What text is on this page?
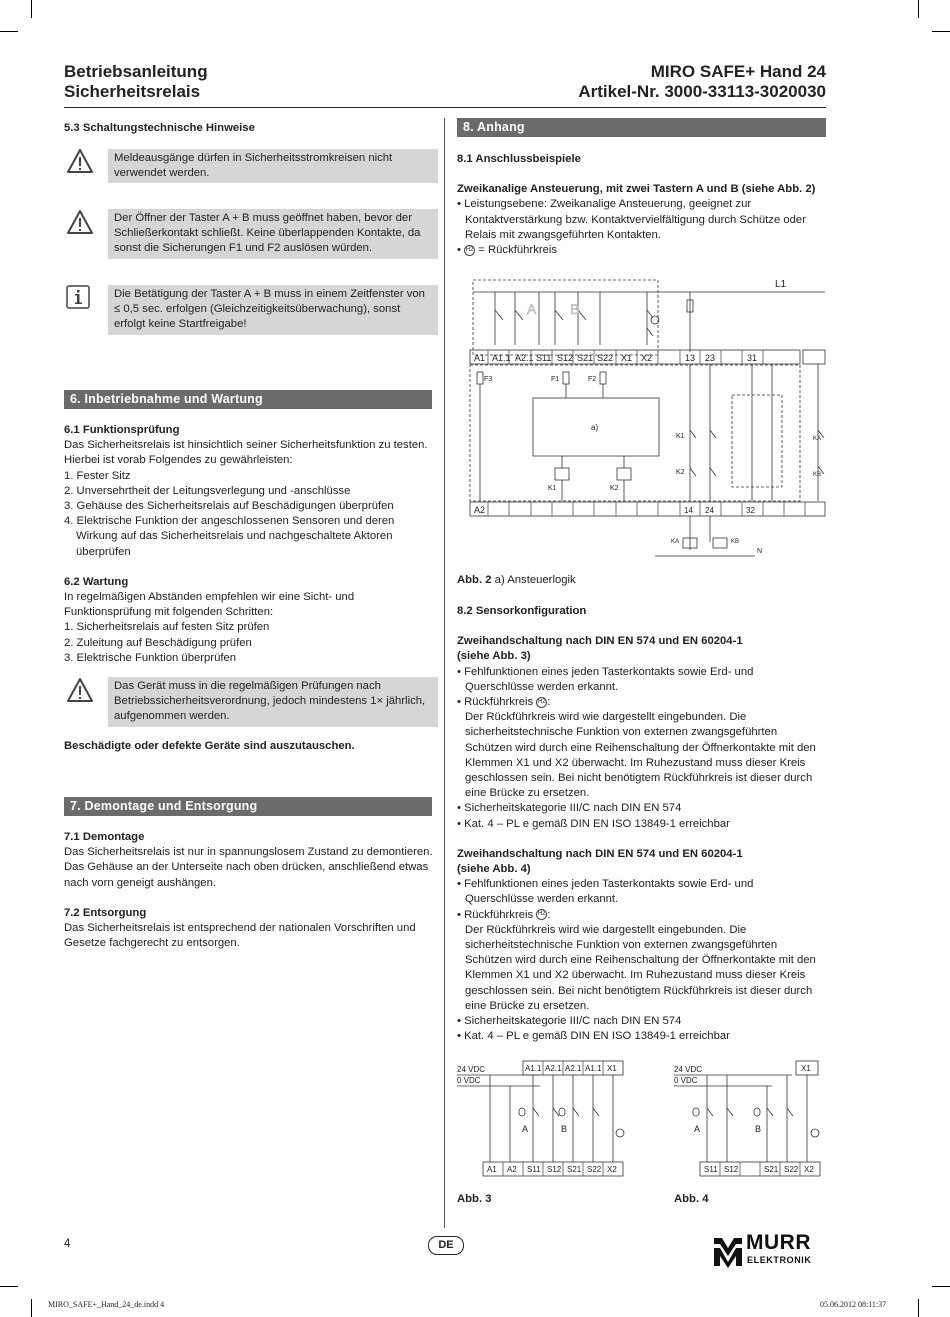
Betriebsanleitung
Sicherheitsrelais
MIRO SAFE+ Hand 24
Artikel-Nr. 3000-33113-3020030
5.3 Schaltungstechnische Hinweise
Meldeausgänge dürfen in Sicherheitsstromkreisen nicht verwendet werden.
Der Öffner der Taster A + B muss geöffnet haben, bevor der Schließerkontakt schließt. Keine überlappenden Kontakte, da sonst die Sicherungen F1 und F2 auslösen würden.
Die Betätigung der Taster A + B muss in einem Zeitfenster von ≤ 0,5 sec. erfolgen (Gleichzeitigkeitsüberwachung), sonst erfolgt keine Startfreigabe!
6. Inbetriebnahme und Wartung

6.1 Funktionsprüfung

Das Sicherheitsrelais ist hinsichtlich seiner Sicherheitsfunktion zu testen. Hierbei ist vorab Folgendes zu gewährleisten:

1. Fester Sitz

2. Unversehrtheit der Leitungsverlegung und -anschlüsse

3. Gehäuse des Sicherheitsrelais auf Beschädigungen überprüfen

4. Elektrische Funktion der angeschlossenen Sensoren und deren Wirkung auf das Sicherheitsrelais und nachgeschaltete Aktoren überprüfen

6.2 Wartung

In regelmäßigen Abständen empfehlen wir eine Sicht- und Funktionsprüfung mit folgenden Schritten:

1. Sicherheitsrelais auf festen Sitz prüfen

2. Zuleitung auf Beschädigung prüfen

3. Elektrische Funktion überprüfen

Das Gerät muss in die regelmäßigen Prüfungen nach Betriebssicherheitsverordnung, jedoch mindestens 1× jährlich, aufgenommen werden.
Beschädigte oder defekte Geräte sind auszutauschen.
7. Demontage und Entsorgung

7.1 Demontage

Das Sicherheitsrelais ist nur in spannungslosem Zustand zu demontieren. Das Gehäuse an der Unterseite nach oben drücken, anschließend etwas nach vorn geneigt aushängen.

7.2 Entsorgung

Das Sicherheitsrelais ist entsprechend der nationalen Vorschriften und Gesetze fachgerecht zu entsorgen.

8. Anhang

8.1 Anschlussbeispiele

Zweikanalige Ansteuerung, mit zwei Tastern A und B (siehe Abb. 2)

• Leistungsebene: Zweikanalige Ansteuerung, geeignet zur Kontaktverstärkung bzw. Kontaktvervielfältigung durch Schütze oder Relais mit zwangsgeführten Kontakten.

• H2 = Rückführkreis

L1
A B
A1 A1.1 A2.1 S11 S12 S21 S22 X1 X2	13 23	31
F3	F1	F2
a)
K1	K2
K1
K2
KA
KB
A2	14 24	32
KA	KB
N
Abb. 2 a) Ansteuerlogik

8.2 Sensorkonfiguration

Zweihandschaltung nach DIN EN 574 und EN 60204-1

(siehe Abb. 3)

• Fehlfunktionen eines jeden Tasterkontakts sowie Erd- und Querschlüsse werden erkannt.

• Rückführkreis H2 :

Der Rückführkreis wird wie dargestellt eingebunden. Die sicherheitstechnische Funktion von externen zwangsgeführten Schützen wird durch eine Reihenschaltung der Öffnerkontakte mit den Klemmen X1 und X2 überwacht. Im Ruhezustand muss dieser Kreis geschlossen sein. Bei nicht benötigtem Rückführkreis ist dieser durch eine Brücke zu ersetzen.

• Sicherheitskategorie III/C nach DIN EN 574

• Kat. 4 – PL e gemäß DIN EN ISO 13849-1 erreichbar

Zweihandschaltung nach DIN EN 574 und EN 60204-1

(siehe Abb. 4)

• Fehlfunktionen eines jeden Tasterkontakts sowie Erd- und Querschlüsse werden erkannt.

• Rückführkreis H2 :

Der Rückführkreis wird wie dargestellt eingebunden. Die sicherheitstechnische Funktion von externen zwangsgeführten Schützen wird durch eine Reihenschaltung der Öffnerkontakte mit den Klemmen X1 und X2 überwacht. Im Ruhezustand muss dieser Kreis geschlossen sein. Bei nicht benötigtem Rückführkreis ist dieser durch eine Brücke zu ersetzen.

• Sicherheitskategorie III/C nach DIN EN 574

• Kat. 4 – PL e gemäß DIN EN ISO 13849-1 erreichbar

24 VDC
0 VDC
A1.1 A2.1 A2.1 A1.1 X1
A	B
A1 A2 S11 S12 S21 S22 X2
24 VDC
0 VDC
X1
A	B
S11 S12	S21 S22 X2
Abb. 3	Abb. 4
4	DE	MURR
ELEKTRONIK
MIRO_SAFE+_Hand_24_de.indd 4	05.06.2012 08:11:37
